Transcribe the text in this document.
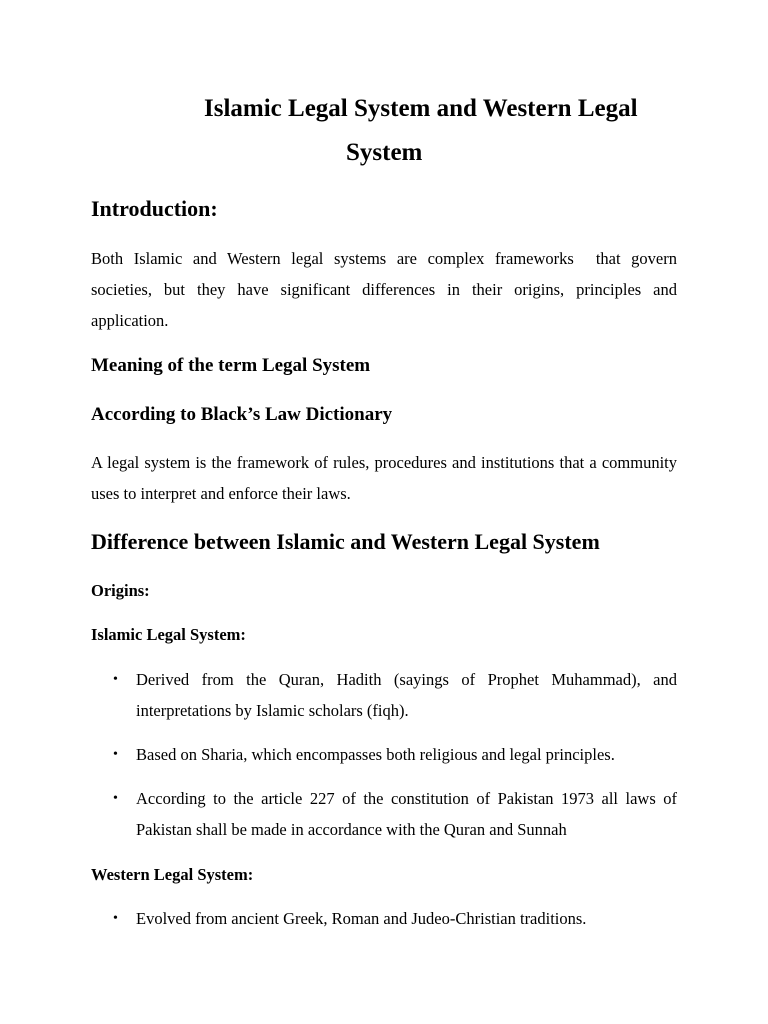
Islamic Legal System and Western Legal
System
Introduction:
Both Islamic and Western legal systems are complex frameworks that govern societies, but they have significant differences in their origins, principles and application.
Meaning of the term Legal System
According to Black’s Law Dictionary
A legal system is the framework of rules, procedures and institutions that a community uses to interpret and enforce their laws.
Difference between Islamic and Western Legal System
Origins:
Islamic Legal System:
• Derived from the Quran, Hadith (sayings of Prophet Muhammad), and interpretations by Islamic scholars (fiqh).
• Based on Sharia, which encompasses both religious and legal principles.
• According to the article 227 of the constitution of Pakistan 1973 all laws of Pakistan shall be made in accordance with the Quran and Sunnah
Western Legal System:
• Evolved from ancient Greek, Roman and Judeo-Christian traditions.
